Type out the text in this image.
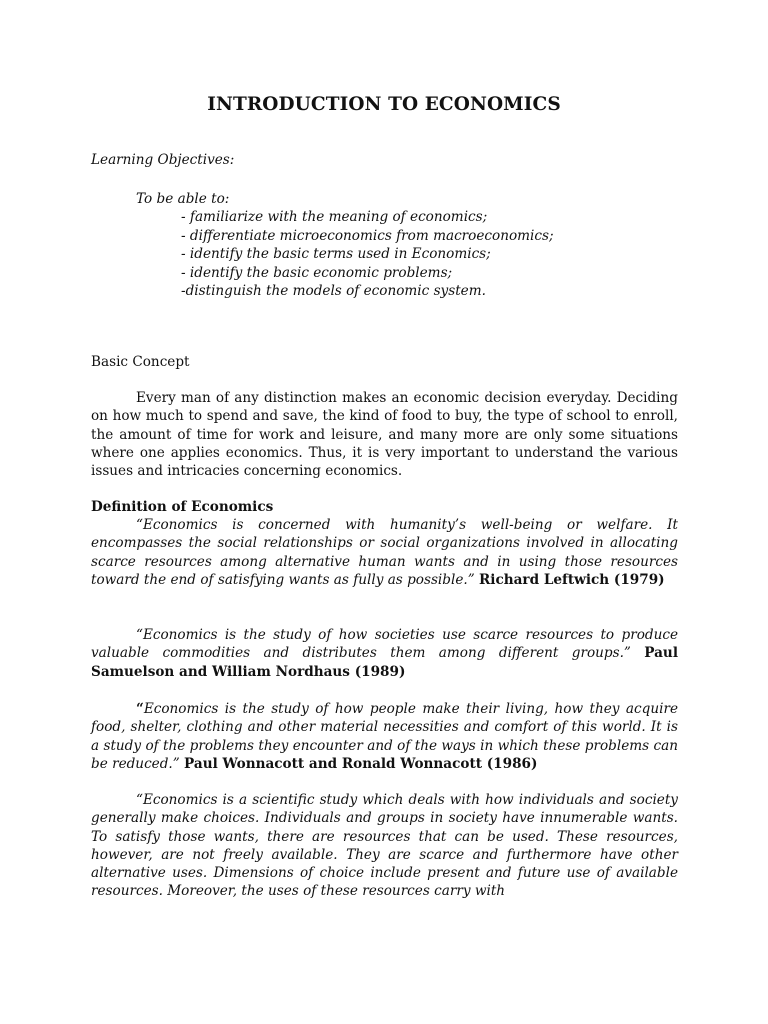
INTRODUCTION TO ECONOMICS
Learning Objectives:
To be able to:
- familiarize with the meaning of economics;
- differentiate microeconomics from macroeconomics;
- identify the basic terms used in Economics;
- identify the basic economic problems;
-distinguish the models of economic system.
Basic Concept

Every man of any distinction makes an economic decision everyday. Deciding on how much to spend and save, the kind of food to buy, the type of school to enroll, the amount of time for work and leisure, and many more are only some situations where one applies economics. Thus, it is very important to understand the various issues and intricacies concerning economics.

Definition of Economics

“Economics is concerned with humanity’s well-being or welfare. It encompasses the social relationships or social organizations involved in allocating scarce resources among alternative human wants and in using those resources toward the end of satisfying wants as fully as possible.” Richard Leftwich (1979)

“Economics is the study of how societies use scarce resources to produce valuable commodities and distributes them among different groups.” Paul Samuelson and William Nordhaus (1989)

“Economics is the study of how people make their living, how they acquire food, shelter, clothing and other material necessities and comfort of this world. It is a study of the problems they encounter and of the ways in which these problems can be reduced.” Paul Wonnacott and Ronald Wonnacott (1986)

“Economics is a scientific study which deals with how individuals and society generally make choices. Individuals and groups in society have innumerable wants. To satisfy those wants, there are resources that can be used. These resources, however, are not freely available. They are scarce and furthermore have other alternative uses. Dimensions of choice include present and future use of available resources. Moreover, the uses of these resources carry with
